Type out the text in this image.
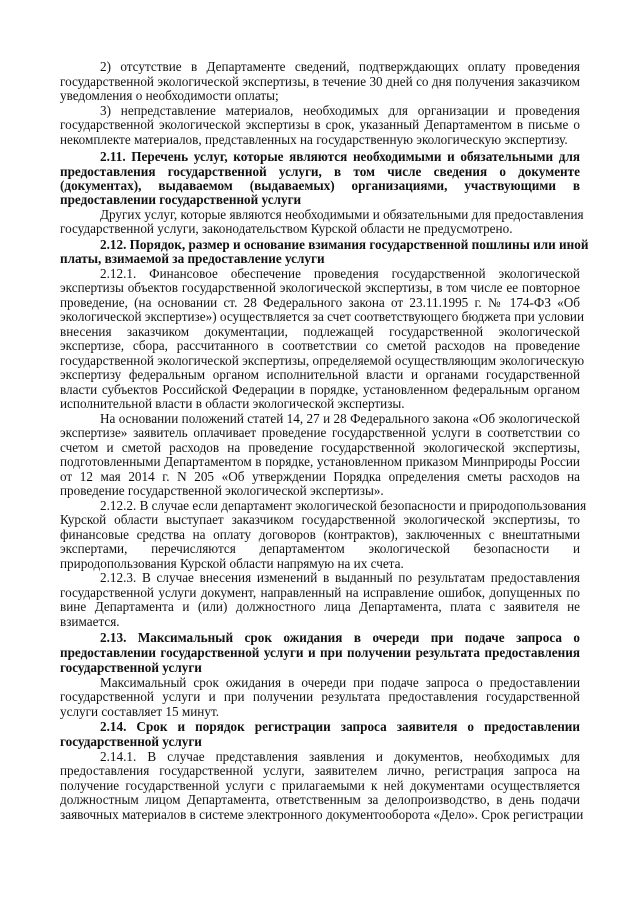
2) отсутствие в Департаменте сведений, подтверждающих оплату проведения
государственной экологической экспертизы, в течение 30 дней со дня получения заказчиком
уведомления о необходимости оплаты;
3) непредставление материалов, необходимых для организации и проведения
государственной экологической экспертизы в срок, указанный Департаментом в письме о
некомплекте материалов, представленных на государственную экологическую экспертизу.
2.11. Перечень услуг, которые являются необходимыми и обязательными для
предоставления государственной услуги, в том числе сведения о документе
(документах), выдаваемом (выдаваемых) организациями, участвующими в
предоставлении государственной услуги
Других услуг, которые являются необходимыми и обязательными для предоставления
государственной услуги, законодательством Курской области не предусмотрено.
2.12. Порядок, размер и основание взимания государственной пошлины или иной
платы, взимаемой за предоставление услуги
2.12.1. Финансовое обеспечение проведения государственной экологической
экспертизы объектов государственной экологической экспертизы, в том числе ее повторное
проведение, (на основании ст. 28 Федерального закона от 23.11.1995 г. № 174-ФЗ «Об
экологической экспертизе») осуществляется за счет соответствующего бюджета при условии
внесения заказчиком документации, подлежащей государственной экологической
экспертизе, сбора, рассчитанного в соответствии со сметой расходов на проведение
государственной экологической экспертизы, определяемой осуществляющим экологическую
экспертизу федеральным органом исполнительной власти и органами государственной
власти субъектов Российской Федерации в порядке, установленном федеральным органом
исполнительной власти в области экологической экспертизы.
На основании положений статей 14, 27 и 28 Федерального закона «Об экологической
экспертизе» заявитель оплачивает проведение государственной услуги в соответствии со
счетом и сметой расходов на проведение государственной экологической экспертизы,
подготовленными Департаментом в порядке, установленном приказом Минприроды России
от 12 мая 2014 г. N 205 «Об утверждении Порядка определения сметы расходов на
проведение государственной экологической экспертизы».
2.12.2. В случае если департамент экологической безопасности и природопользования
Курской области выступает заказчиком государственной экологической экспертизы, то
финансовые средства на оплату договоров (контрактов), заключенных с внештатными
экспертами, перечисляются департаментом экологической безопасности и
природопользования Курской области напрямую на их счета.
2.12.3. В случае внесения изменений в выданный по результатам предоставления
государственной услуги документ, направленный на исправление ошибок, допущенных по
вине Департамента и (или) должностного лица Департамента, плата с заявителя не
взимается.
2.13. Максимальный срок ожидания в очереди при подаче запроса о
предоставлении государственной услуги и при получении результата предоставления
государственной услуги
Максимальный срок ожидания в очереди при подаче запроса о предоставлении
государственной услуги и при получении результата предоставления государственной
услуги составляет 15 минут.
2.14. Срок и порядок регистрации запроса заявителя о предоставлении
государственной услуги
2.14.1. В случае представления заявления и документов, необходимых для
предоставления государственной услуги, заявителем лично, регистрация запроса на
получение государственной услуги с прилагаемыми к ней документами осуществляется
должностным лицом Департамента, ответственным за делопроизводство, в день подачи
заявочных материалов в системе электронного документооборота «Дело». Срок регистрации
